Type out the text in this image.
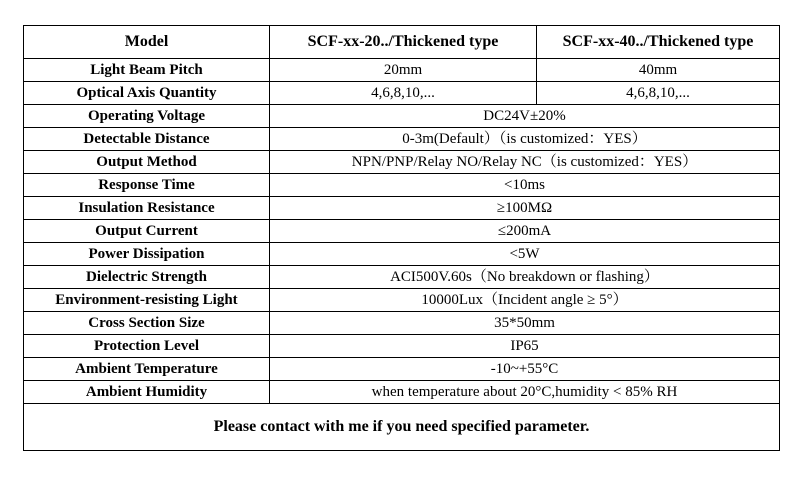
Model	SCF-xx-20../Thickened type	SCF-xx-40../Thickened type
Light Beam Pitch	20mm	40mm
Optical Axis Quantity	4,6,8,10,...	4,6,8,10,...
Operating Voltage	DC24V±20%	
Detectable Distance	0-3m(Default）（is customized：YES）	
Output Method	NPN/PNP/Relay NO/Relay NC（is customized：YES）	
Response Time	<10ms	
Insulation Resistance	≥100MΩ	
Output Current	≤200mA	
Power Dissipation	<5W	
Dielectric Strength	ACI500V.60s（No breakdown or flashing）	
Environment-resisting Light	10000Lux（Incident angle ≥ 5°）	
Cross Section Size	35*50mm	
Protection Level	IP65	
Ambient Temperature	-10~+55°C	
Ambient Humidity	when temperature about 20°C,humidity < 85% RH	
Please contact with me if you need specified parameter.		
